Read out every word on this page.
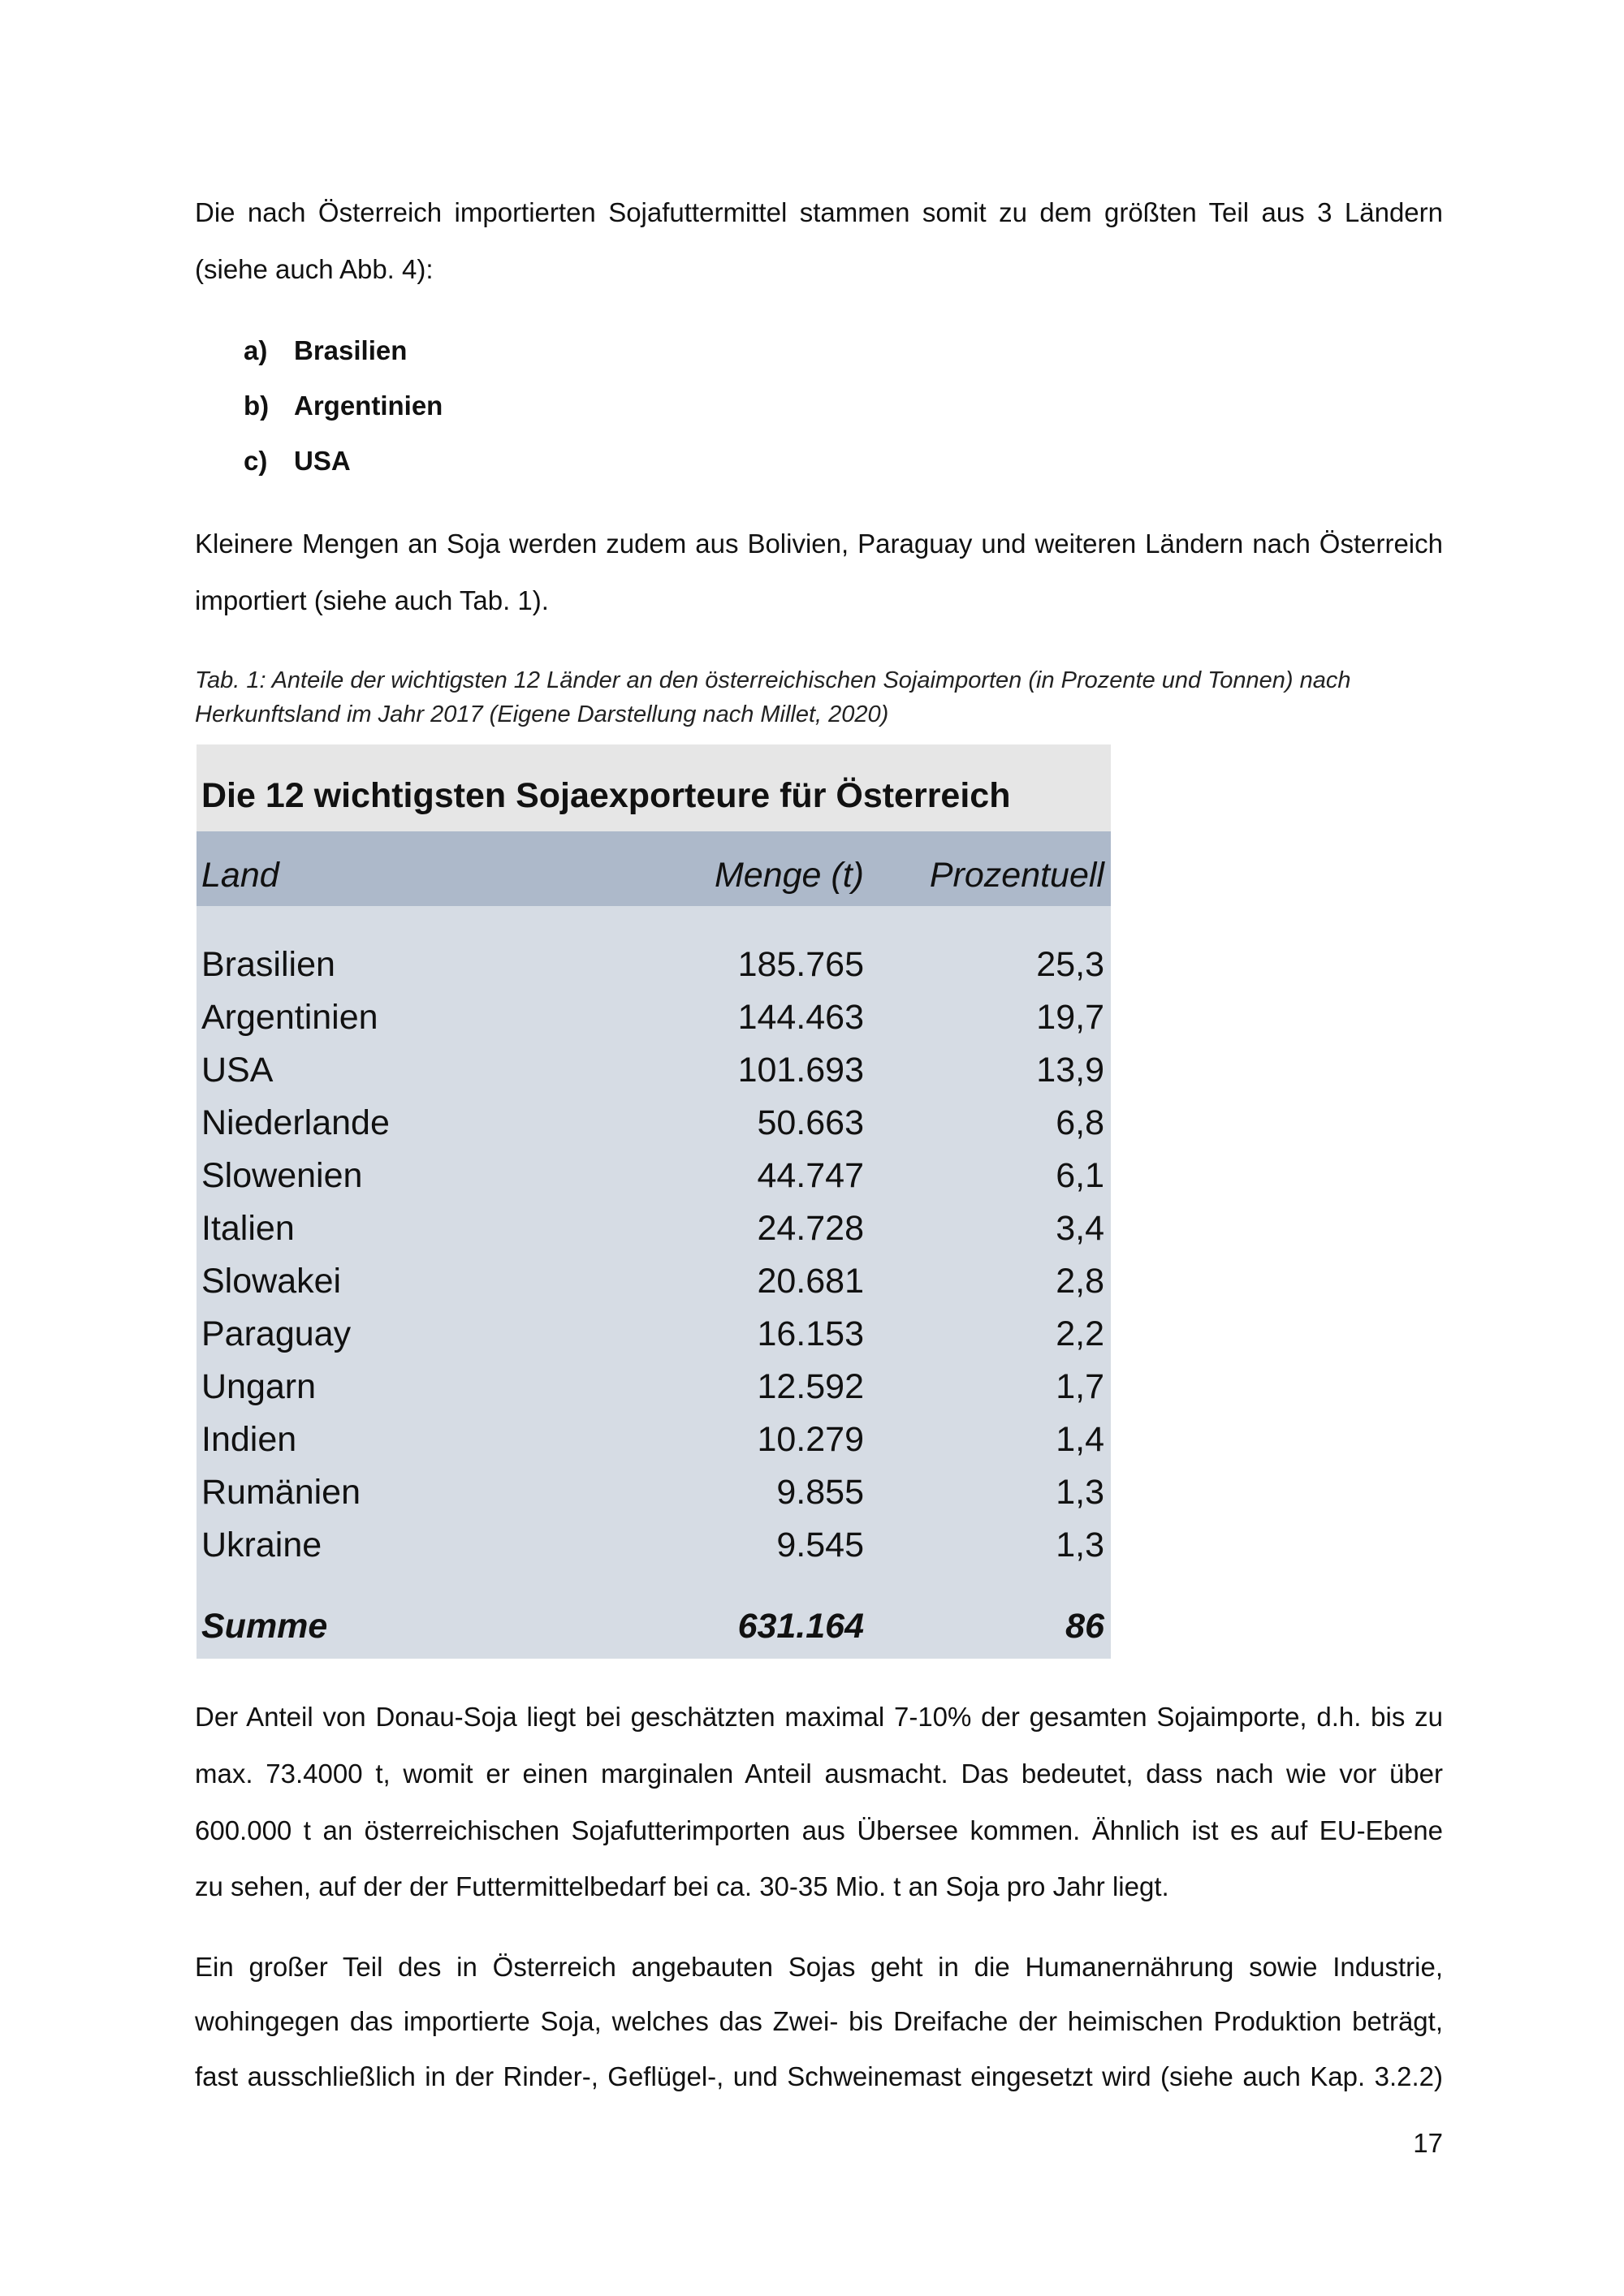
Die nach Österreich importierten Sojafuttermittel stammen somit zu dem größten Teil aus 3 Ländern
(siehe auch Abb. 4):
a) Brasilien
b) Argentinien
c) USA
Kleinere Mengen an Soja werden zudem aus Bolivien, Paraguay und weiteren Ländern nach Österreich
importiert (siehe auch Tab. 1).
Tab. 1: Anteile der wichtigsten 12 Länder an den österreichischen Sojaimporten (in Prozente und Tonnen) nach
Herkunftsland im Jahr 2017 (Eigene Darstellung nach Millet, 2020)
Die 12 wichtigsten Sojaexporteure für Österreich
Land	Menge (t) Prozentuell
Brasilien	185.765	25,3
Argentinien	144.463	19,7
USA	101.693	13,9
Niederlande	50.663	6,8
Slowenien	44.747	6,1
Italien	24.728	3,4
Slowakei	20.681	2,8
Paraguay	16.153	2,2
Ungarn	12.592	1,7
Indien	10.279	1,4
Rumänien	9.855	1,3
Ukraine	9.545	1,3
Summe	631.164	86
Der Anteil von Donau-Soja liegt bei geschätzten maximal 7-10% der gesamten Sojaimporte, d.h. bis zu
max. 73.4000 t, womit er einen marginalen Anteil ausmacht. Das bedeutet, dass nach wie vor über
600.000 t an österreichischen Sojafutterimporten aus Übersee kommen. Ähnlich ist es auf EU-Ebene
zu sehen, auf der der Futtermittelbedarf bei ca. 30-35 Mio. t an Soja pro Jahr liegt.
Ein großer Teil des in Österreich angebauten Sojas geht in die Humanernährung sowie Industrie,
wohingegen das importierte Soja, welches das Zwei- bis Dreifache der heimischen Produktion beträgt,
fast ausschließlich in der Rinder-, Geflügel-, und Schweinemast eingesetzt wird (siehe auch Kap. 3.2.2)
17
